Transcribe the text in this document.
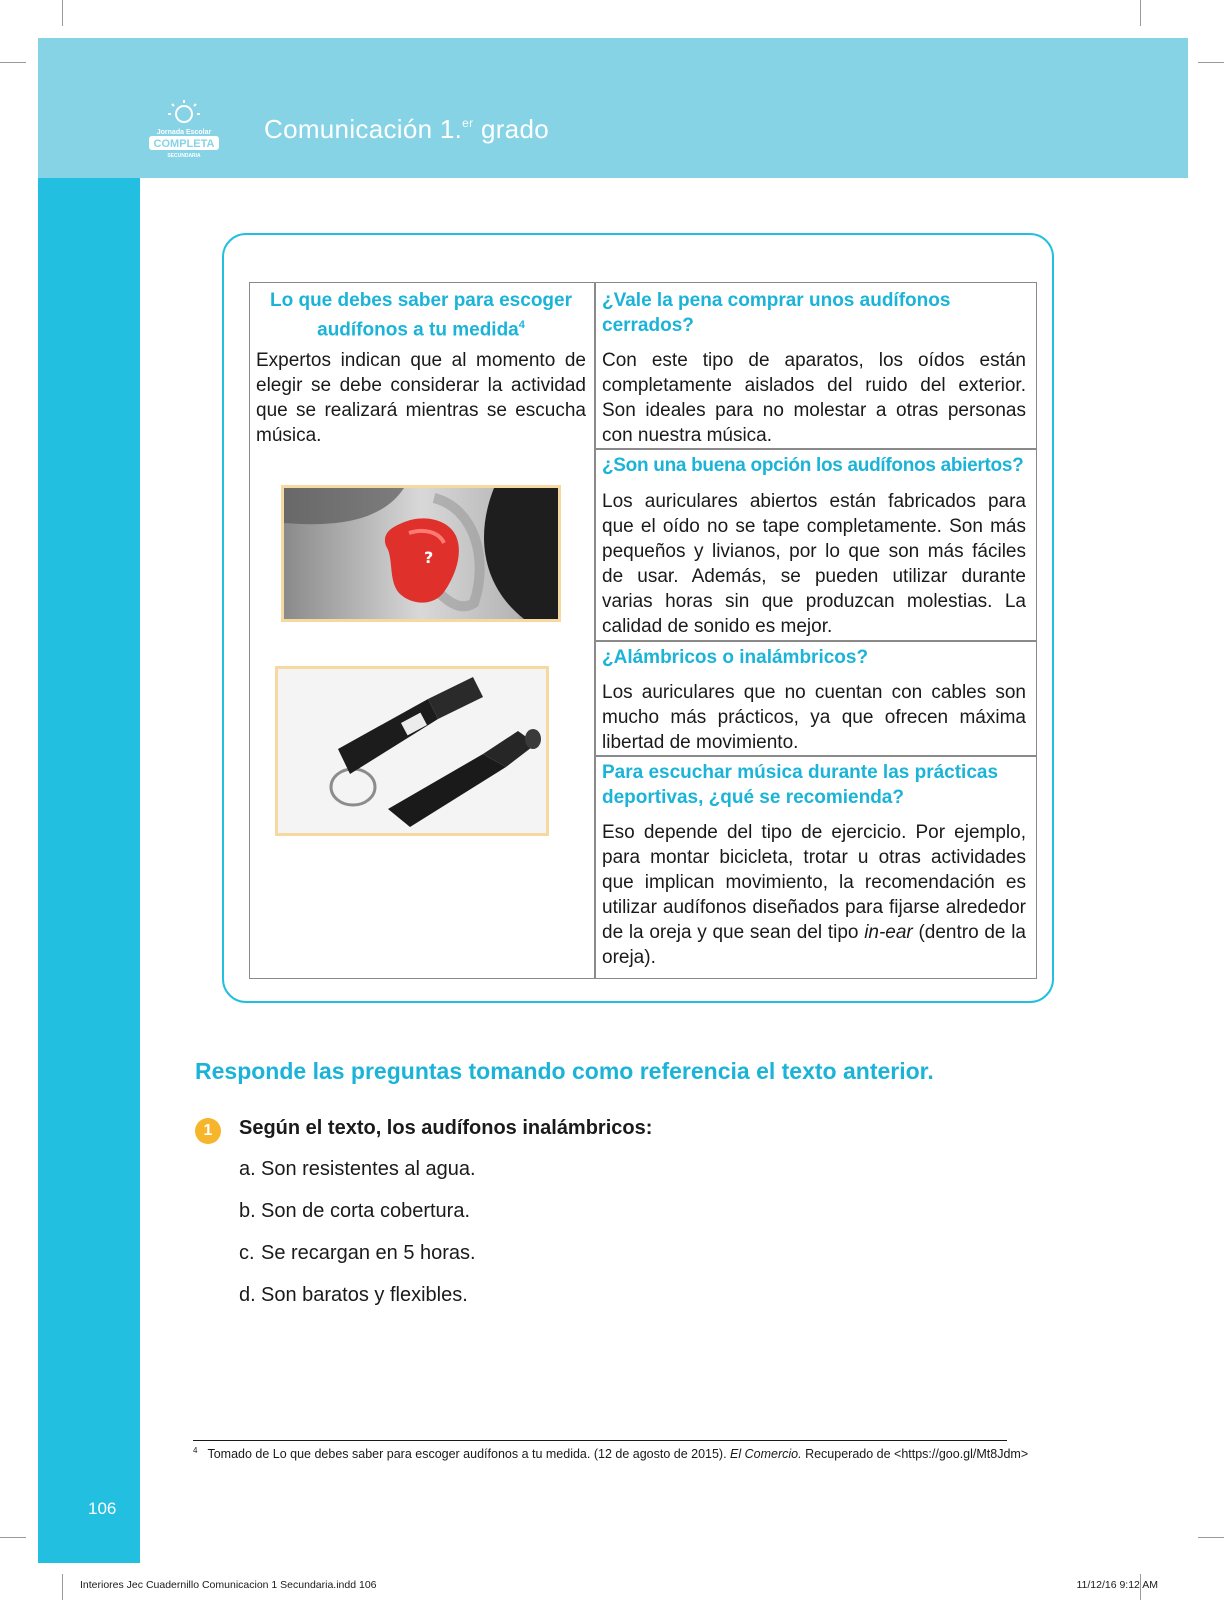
Jornada Escolar
COMPLETA
SECUNDARIA
Comunicación 1.$^{er}$ grado
Lo que debes saber para escoger
audífonos a tu medida$^4$
Expertos indican que al momento de elegir se debe considerar la actividad que se realizará mientras se escucha música.
?
¿Vale la pena comprar unos audífonos cerrados?
Con este tipo de aparatos, los oídos están completamente aislados del ruido del exterior. Son ideales para no molestar a otras personas con nuestra música.
¿Son una buena opción los audífonos abiertos?
Los auriculares abiertos están fabricados para que el oído no se tape completamente. Son más pequeños y livianos, por lo que son más fáciles de usar. Además, se pueden utilizar durante varias horas sin que produzcan molestias. La calidad de sonido es mejor.
¿Alámbricos o inalámbricos?
Los auriculares que no cuentan con cables son mucho más prácticos, ya que ofrecen máxima libertad de movimiento.
Para escuchar música durante las prácticas deportivas, ¿qué se recomienda?
Eso depende del tipo de ejercicio. Por ejemplo, para montar bicicleta, trotar u otras actividades que implican movimiento, la recomendación es utilizar audífonos diseñados para fijarse alrededor de la oreja y que sean del tipo in-ear (dentro de la oreja).
Responde las preguntas tomando como referencia el texto anterior.
1	Según el texto, los audífonos inalámbricos:
a. Son resistentes al agua.
b. Son de corta cobertura.
c. Se recargan en 5 horas.
d. Son baratos y flexibles.
$^4$ Tomado de Lo que debes saber para escoger audífonos a tu medida. (12 de agosto de 2015). El Comercio. Recuperado de <https://goo.gl/Mt8Jdm>
106
Interiores Jec Cuadernillo Comunicacion 1 Secundaria.indd 106	11/12/16 9:12 AM
